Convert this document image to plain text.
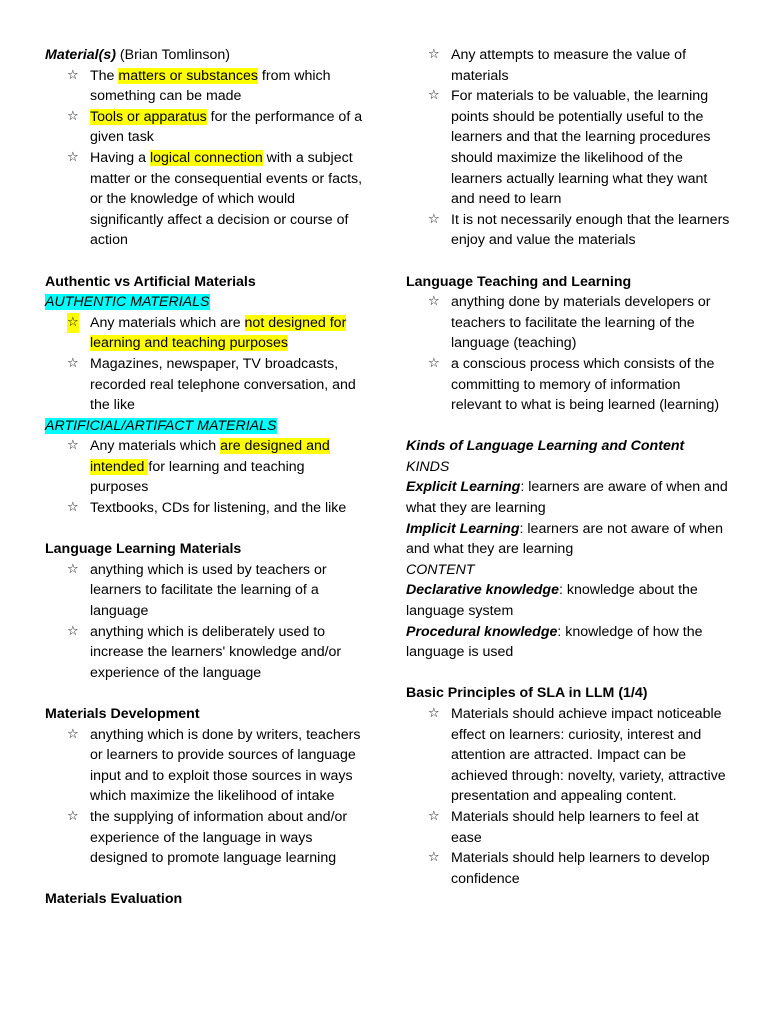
Material(s) (Brian Tomlinson)
☆ The matters or substances from which something can be made
☆ Tools or apparatus for the performance of a given task
☆ Having a logical connection with a subject matter or the consequential events or facts, or the knowledge of which would significantly affect a decision or course of action
Authentic vs Artificial Materials
AUTHENTIC MATERIALS
☆ Any materials which are not designed for learning and teaching purposes
☆ Magazines, newspaper, TV broadcasts, recorded real telephone conversation, and the like
ARTIFICIAL/ARTIFACT MATERIALS
☆ Any materials which are designed and intended for learning and teaching purposes
☆ Textbooks, CDs for listening, and the like
Language Learning Materials
☆ anything which is used by teachers or learners to facilitate the learning of a language
☆ anything which is deliberately used to increase the learners' knowledge and/or experience of the language
Materials Development
☆ anything which is done by writers, teachers or learners to provide sources of language input and to exploit those sources in ways which maximize the likelihood of intake
☆ the supplying of information about and/or experience of the language in ways designed to promote language learning
Materials Evaluation
☆ Any attempts to measure the value of materials
☆ For materials to be valuable, the learning points should be potentially useful to the learners and that the learning procedures should maximize the likelihood of the learners actually learning what they want and need to learn
☆ It is not necessarily enough that the learners enjoy and value the materials
Language Teaching and Learning
☆ anything done by materials developers or teachers to facilitate the learning of the language (teaching)
☆ a conscious process which consists of the committing to memory of information relevant to what is being learned (learning)
Kinds of Language Learning and Content
KINDS
Explicit Learning: learners are aware of when and what they are learning
Implicit Learning: learners are not aware of when and what they are learning
CONTENT
Declarative knowledge: knowledge about the language system
Procedural knowledge: knowledge of how the language is used
Basic Principles of SLA in LLM (1/4)
☆ Materials should achieve impact noticeable effect on learners: curiosity, interest and attention are attracted. Impact can be achieved through: novelty, variety, attractive presentation and appealing content.
☆ Materials should help learners to feel at ease
☆ Materials should help learners to develop confidence
